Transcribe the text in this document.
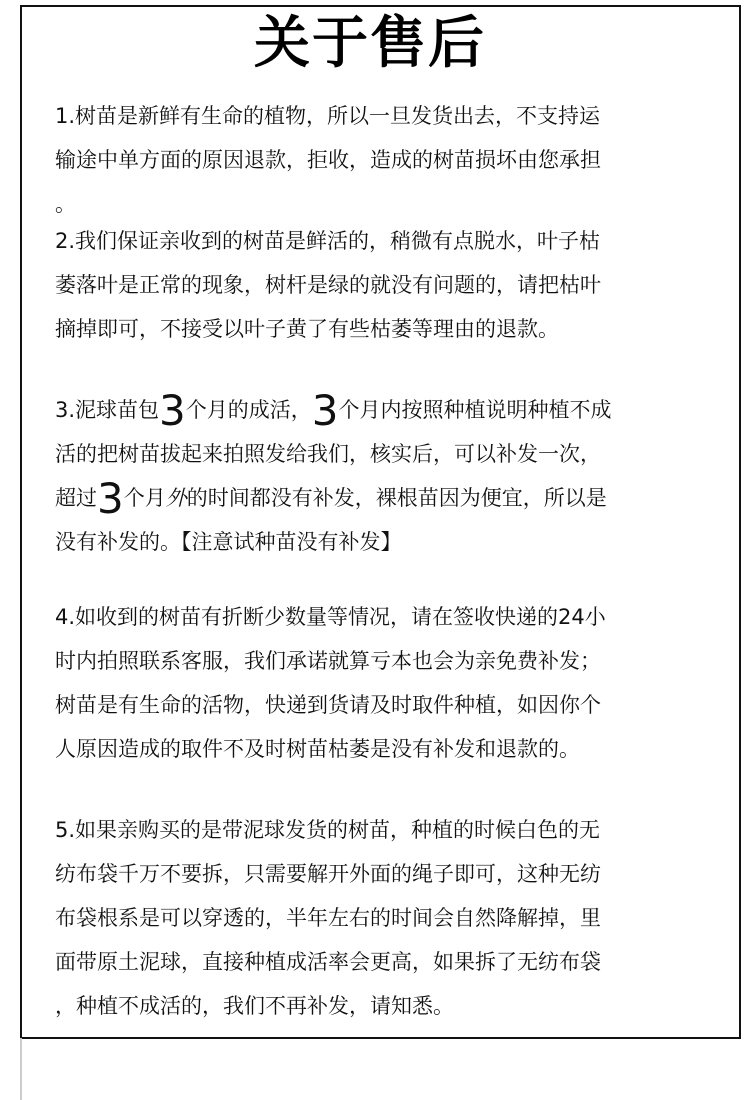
关于售后
1.树苗是新鲜有生命的植物，所以一旦发货出去，不支持运
输途中单方面的原因退款，拒收，造成的树苗损坏由您承担
。
2.我们保证亲收到的树苗是鲜活的，稍微有点脱水，叶子枯
萎落叶是正常的现象，树杆是绿的就没有问题的，请把枯叶
摘掉即可，不接受以叶子黄了有些枯萎等理由的退款。
3.泥球苗包3个月的成活，3个月内按照种植说明种植不成
活的把树苗拔起来拍照发给我们，核实后，可以补发一次，
超过3个月外的时间都没有补发，裸根苗因为便宜，所以是
没有补发的。【注意试种苗没有补发】
4.如收到的树苗有折断少数量等情况，请在签收快递的24小
时内拍照联系客服，我们承诺就算亏本也会为亲免费补发；
树苗是有生命的活物，快递到货请及时取件种植，如因你个
人原因造成的取件不及时树苗枯萎是没有补发和退款的。
5.如果亲购买的是带泥球发货的树苗，种植的时候白色的无
纺布袋千万不要拆，只需要解开外面的绳子即可，这种无纺
布袋根系是可以穿透的，半年左右的时间会自然降解掉，里
面带原土泥球，直接种植成活率会更高，如果拆了无纺布袋
，种植不成活的，我们不再补发，请知悉。
